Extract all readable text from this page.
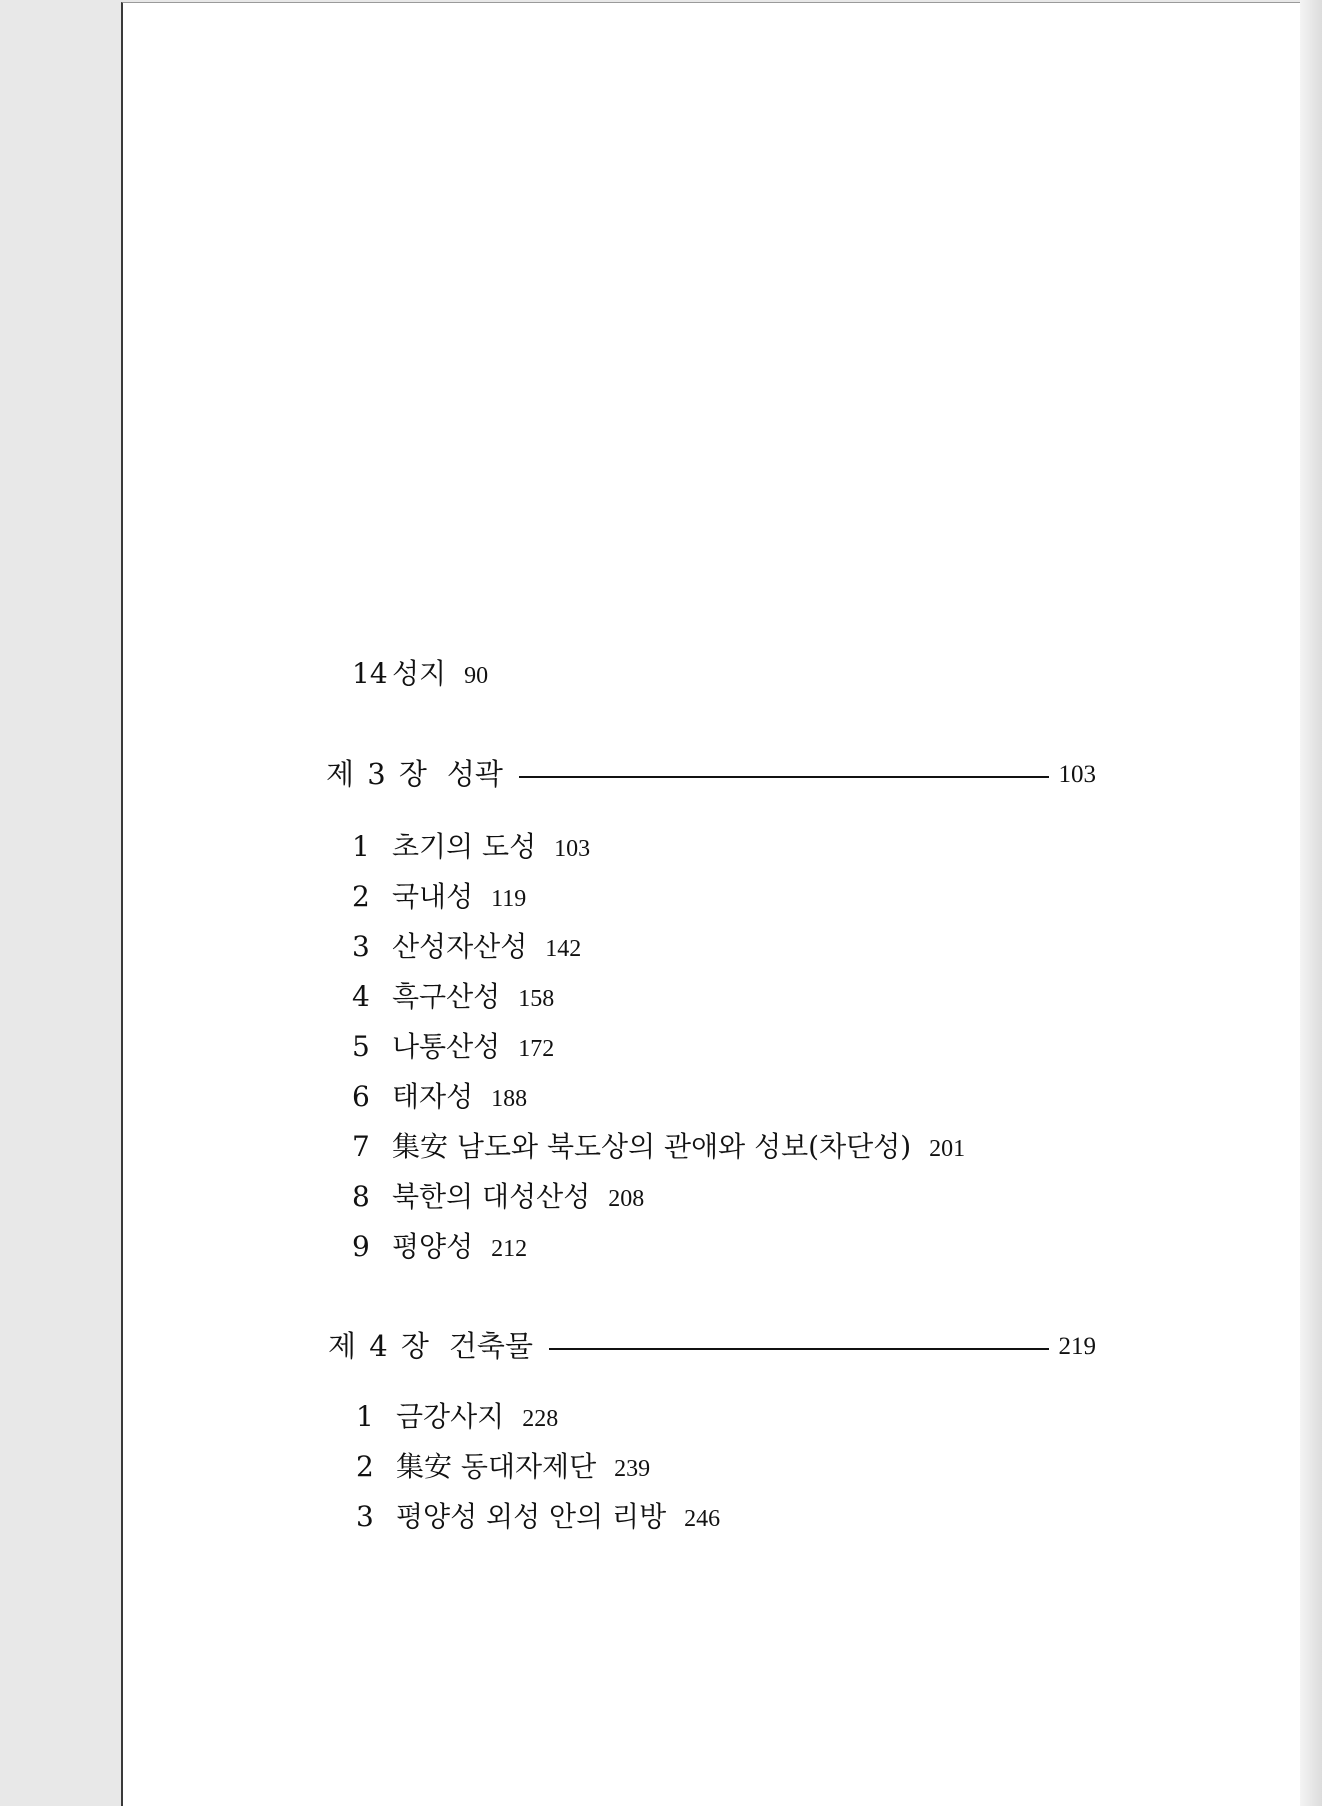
14 성지 90
제 3 장 성곽	103
1 초기의 도성 103
2 국내성 119
3 산성자산성 142
4 흑구산성 158
5 나통산성 172
6 태자성 188
7 集安 남도와 북도상의 관애와 성보(차단성) 201
8 북한의 대성산성 208
9 평양성 212
제 4 장 건축물	219
1 금강사지 228
2 集安 동대자제단 239
3 평양성 외성 안의 리방 246
